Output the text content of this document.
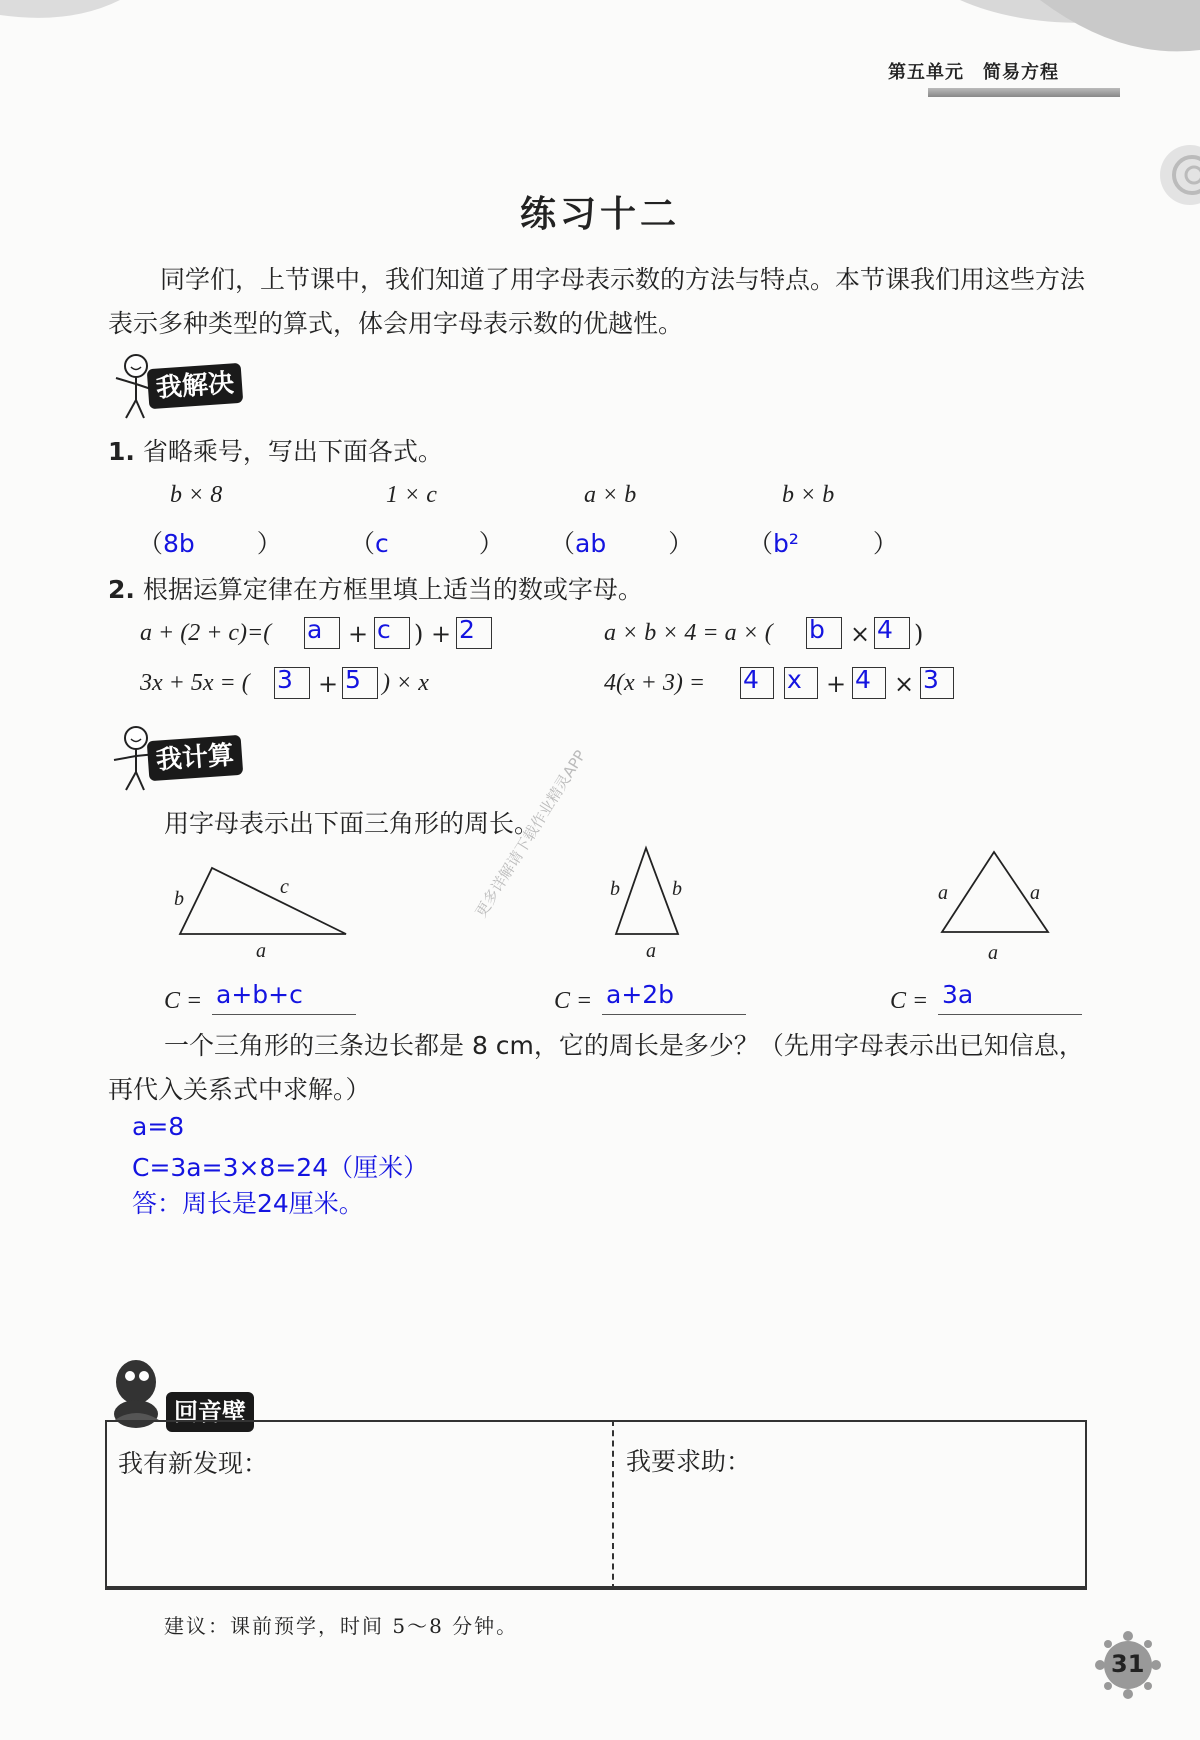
第五单元　简易方程
练习十二
同学们，上节课中，我们知道了用字母表示数的方法与特点。本节课我们用这些方法表示多种类型的算式，体会用字母表示数的优越性。
我解决
1. 省略乘号，写出下面各式。
b × 8	1 × c	a × b	b × b
（8b ）	（c	） （ab ） （b²	）
2. 根据运算定律在方框里填上适当的数或字母。
a + (2 + c)=( a + c ) + 2	a × b × 4 = a × ( b × 4 )
3x + 5x = ( 3 + 5 ) × x	4(x + 3) = 4 x + 4 × 3
我计算
用字母表示出下面三角形的周长。
b
c
a
b	b
a
a	a
a
C = a+b+c	C = a+2b	C = 3a
更多详解请下载作业精灵APP
一个三角形的三条边长都是 8 cm，它的周长是多少？（先用字母表示出已知信息，再代入关系式中求解。）
a=8
C=3a=3×8=24（厘米）
答：周长是24厘米。
回音壁
我有新发现：	我要求助：
建议：课前预学，时间 5～8 分钟。
31
